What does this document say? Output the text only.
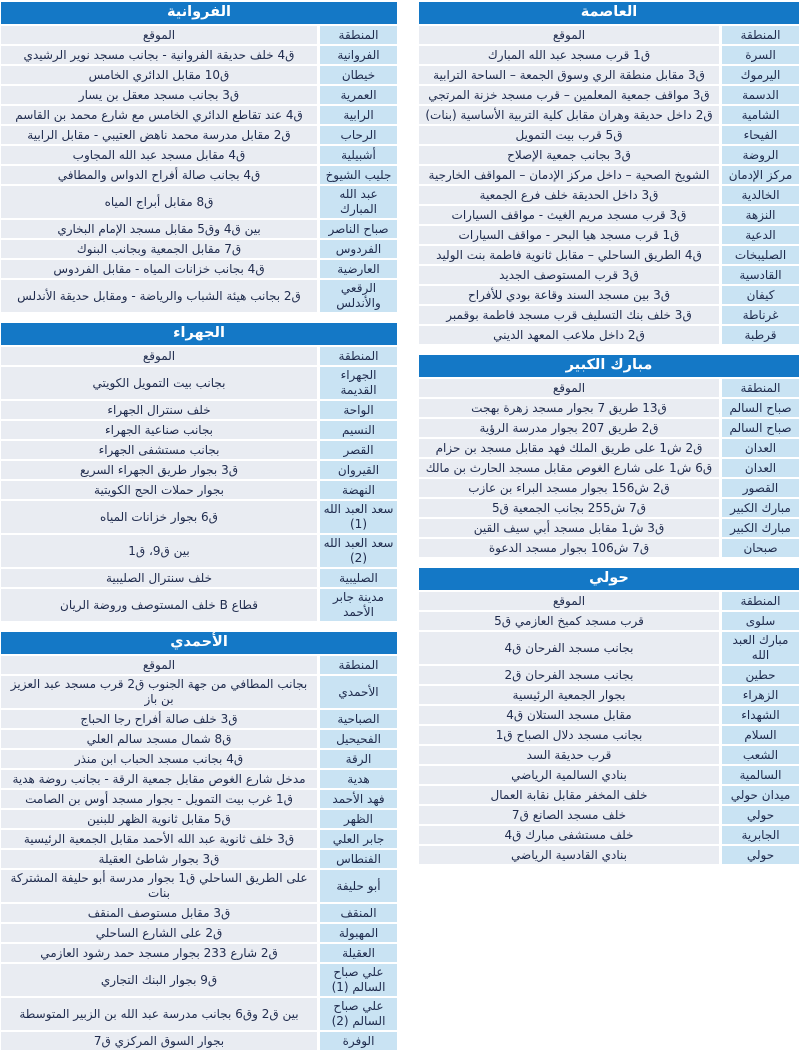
العاصمة
المنطقة
الموقع
السرة
ق1 قرب مسجد عبد الله المبارك
اليرموك
ق3 مقابل منطقة الري وسوق الجمعة – الساحة الترابية
الدسمة
ق3 مواقف جمعية المعلمين – قرب مسجد خزنة المرتجي
الشامية
ق2 داخل حديقة وهران مقابل كلية التربية الأساسية (بنات)
الفيحاء
ق5 قرب بيت التمويل
الروضة
ق3 بجانب جمعية الإصلاح
مركز الإدمان
الشويخ الصحية – داخل مركز الإدمان – المواقف الخارجية
الخالدية
ق3 داخل الحديقة خلف فرع الجمعية
النزهة
ق3 قرب مسجد مريم الغيث - مواقف السيارات
الدعية
ق1 قرب مسجد هيا البحر - مواقف السيارات
الصليبخات
ق4 الطريق الساحلي – مقابل ثانوية فاطمة بنت الوليد
القادسية
ق3 قرب المستوصف الجديد
كيفان
ق3 بين مسجد السند وقاعة بودي للأفراح
غرناطة
ق3 خلف بنك التسليف قرب مسجد فاطمة بوقمبر
قرطبة
ق2 داخل ملاعب المعهد الديني
مبارك الكبير
المنطقة
الموقع
صباح السالم
ق13 طريق 7 بجوار مسجد زهرة بهجت
صباح السالم
ق2 طريق 207 بجوار مدرسة الرؤية
العدان
ق2 ش1 على طريق الملك فهد مقابل مسجد بن حزام
العدان
ق6 ش1 على شارع الغوص مقابل مسجد الحارث بن مالك
القصور
ق2 ش156 بجوار مسجد البراء بن عازب
مبارك الكبير
ق7 ش255 بجانب الجمعية ق5
مبارك الكبير
ق3 ش1 مقابل مسجد أبي سيف القين
صبحان
ق7 ش106 بجوار مسجد الدعوة
حولي
المنطقة
الموقع
سلوى
قرب مسجد كميخ العازمي ق5
مبارك العبد الله
بجانب مسجد الفرحان ق4
حطين
بجانب مسجد الفرحان ق2
الزهراء
بجوار الجمعية الرئيسية
الشهداء
مقابل مسجد الستلان ق4
السلام
بجانب مسجد دلال الصباح ق1
الشعب
قرب حديقة السد
السالمية
بنادي السالمية الرياضي
ميدان حولي
خلف المخفر مقابل نقابة العمال
حولي
خلف مسجد الصانع ق7
الجابرية
خلف مستشفى مبارك ق4
حولي
بنادي القادسية الرياضي
الفروانية
المنطقة
الموقع
الفروانية
ق4 خلف حديقة الفروانية - بجانب مسجد نوير الرشيدي
خيطان
ق10 مقابل الدائري الخامس
العمرية
ق3 بجانب مسجد معقل بن يسار
الرابية
ق4 عند تقاطع الدائري الخامس مع شارع محمد بن القاسم
الرحاب
ق2 مقابل مدرسة محمد ناهض العتيبي - مقابل الرابية
أشبيلية
ق4 مقابل مسجد عبد الله المجاوب
جليب الشيوخ
ق4 بجانب صالة أفراح الدواس والمطافي
عبد الله المبارك
ق8 مقابل أبراج المياه
صباح الناصر
بين ق4 وق5 مقابل مسجد الإمام البخاري
الفردوس
ق7 مقابل الجمعية وبجانب البنوك
العارضية
ق4 بجانب خزانات المياه - مقابل الفردوس
الرقعي والأندلس
ق2 بجانب هيئة الشباب والرياضة - ومقابل حديقة الأندلس
الجهراء
المنطقة
الموقع
الجهراء القديمة
بجانب بيت التمويل الكويتي
الواحة
خلف سنترال الجهراء
النسيم
بجانب صناعية الجهراء
القصر
بجانب مستشفى الجهراء
القيروان
ق3 بجوار طريق الجهراء السريع
النهضة
بجوار حملات الحج الكويتية
سعد العبد الله (1)
ق6 بجوار خزانات المياه
سعد العبد الله (2)
بين ق9، ق1
الصليبية
خلف سنترال الصليبية
مدينة جابر الأحمد
قطاع B خلف المستوصف وروضة الريان
الأحمدي
المنطقة
الموقع
الأحمدي
بجانب المطافي من جهة الجنوب ق2 قرب مسجد عبد العزيز بن باز
الصباحية
ق3 خلف صالة أفراح رجا الحباج
الفحيحيل
ق8 شمال مسجد سالم العلي
الرقة
ق4 بجانب مسجد الحباب ابن منذر
هدية
مدخل شارع الغوص مقابل جمعية الرقة - بجانب روضة هدية
فهد الأحمد
ق1 غرب بيت التمويل - بجوار مسجد أوس بن الصامت
الظهر
ق5 مقابل ثانوية الظهر للبنين
جابر العلي
ق3 خلف ثانوية عبد الله الأحمد مقابل الجمعية الرئيسية
الفنطاس
ق3 بجوار شاطئ العقيلة
أبو حليفة
على الطريق الساحلي ق1 بجوار مدرسة أبو حليفة المشتركة بنات
المنقف
ق3 مقابل مستوصف المنقف
المهبولة
ق2 على الشارع الساحلي
العقيلة
ق2 شارع 233 بجوار مسجد حمد رشود العازمي
علي صباح السالم (1)
ق9 بجوار البنك التجاري
علي صباح السالم (2)
بين ق2 وق6 بجانب مدرسة عبد الله بن الزبير المتوسطة
الوفرة
بجوار السوق المركزي ق7
